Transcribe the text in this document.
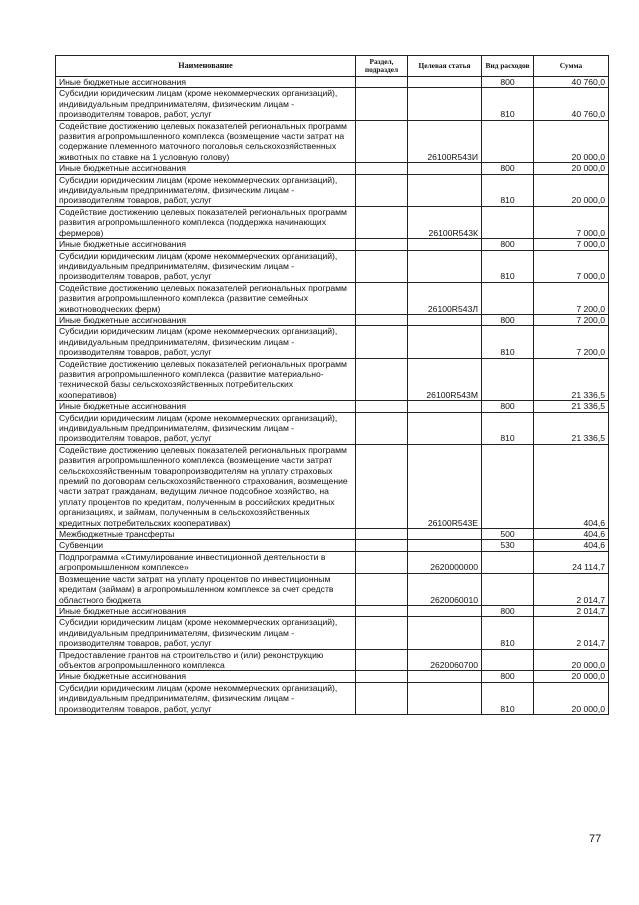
Наименование	Раздел, подраздел	Целевая статья	Вид расходов	Сумма
Иные бюджетные ассигнования			800	40 760,0
Субсидии юридическим лицам (кроме некоммерческих организаций), индивидуальным предпринимателям, физическим лицам - производителям товаров, работ, услуг			810	40 760,0
Содействие достижению целевых показателей региональных программ развития агропромышленного комплекса (возмещение части затрат на содержание племенного маточного поголовья сельскохозяйственных животных по ставке на 1 условную голову)		26100R543И		20 000,0
Иные бюджетные ассигнования			800	20 000,0
Субсидии юридическим лицам (кроме некоммерческих организаций), индивидуальным предпринимателям, физическим лицам - производителям товаров, работ, услуг			810	20 000,0
Содействие достижению целевых показателей региональных программ развития агропромышленного комплекса (поддержка начинающих фермеров)		26100R543К		7 000,0
Иные бюджетные ассигнования			800	7 000,0
Субсидии юридическим лицам (кроме некоммерческих организаций), индивидуальным предпринимателям, физическим лицам - производителям товаров, работ, услуг			810	7 000,0
Содействие достижению целевых показателей региональных программ развития агропромышленного комплекса (развитие семейных животноводческих ферм)		26100R543Л		7 200,0
Иные бюджетные ассигнования			800	7 200,0
Субсидии юридическим лицам (кроме некоммерческих организаций), индивидуальным предпринимателям, физическим лицам - производителям товаров, работ, услуг			810	7 200,0
Содействие достижению целевых показателей региональных программ развития агропромышленного комплекса (развитие материально-технической базы сельскохозяйственных потребительских кооперативов)		26100R543М		21 336,5
Иные бюджетные ассигнования			800	21 336,5
Субсидии юридическим лицам (кроме некоммерческих организаций), индивидуальным предпринимателям, физическим лицам - производителям товаров, работ, услуг			810	21 336,5
Содействие достижению целевых показателей региональных программ развития агропромышленного комплекса (возмещение части затрат сельскохозяйственным товаропроизводителям на уплату страховых премий по договорам сельскохозяйственного страхования, возмещение части затрат гражданам, ведущим личное подсобное хозяйство, на уплату процентов по кредитам, полученным в российских кредитных организациях, и займам, полученным в сельскохозяйственных кредитных потребительских кооперативах)		26100R543Е		404,6
Межбюджетные трансферты			500	404,6
Субвенции			530	404,6
Подпрограмма «Стимулирование инвестиционной деятельности в агропромышленном комплексе»		2620000000		24 114,7
Возмещение части затрат на уплату процентов по инвестиционным кредитам (займам) в агропромышленном комплексе за счет средств областного бюджета		2620060010		2 014,7
Иные бюджетные ассигнования			800	2 014,7
Субсидии юридическим лицам (кроме некоммерческих организаций), индивидуальным предпринимателям, физическим лицам - производителям товаров, работ, услуг			810	2 014,7
Предоставление грантов на строительство и (или) реконструкцию объектов агропромышленного комплекса		2620060700		20 000,0
Иные бюджетные ассигнования			800	20 000,0
Субсидии юридическим лицам (кроме некоммерческих организаций), индивидуальным предпринимателям, физическим лицам - производителям товаров, работ, услуг			810	20 000,0
77
